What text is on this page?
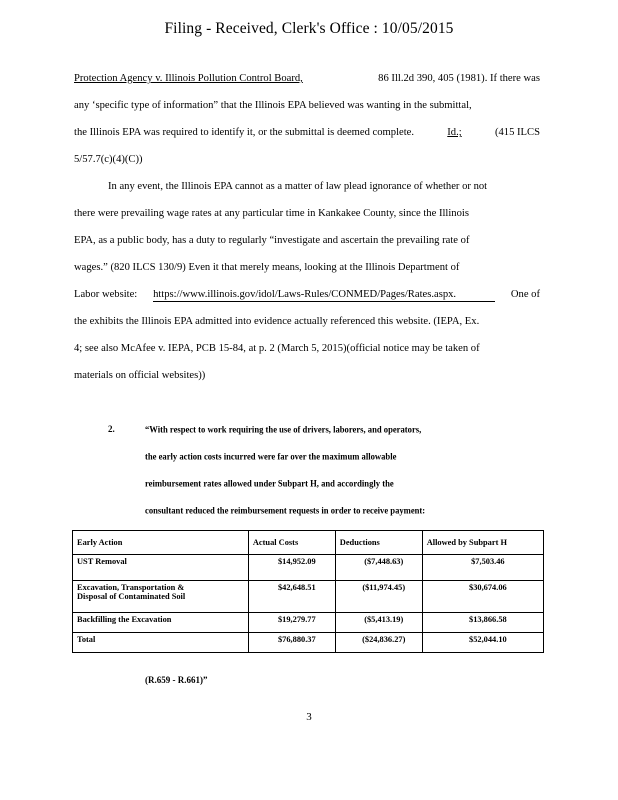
Filing - Received, Clerk's Office : 10/05/2015
Protection Agency v. Illinois Pollution Control Board,	86 Ill.2d 390, 405 (1981). If there was
any ‘specific type of information” that the Illinois EPA believed was wanting in the submittal,
the Illinois EPA was required to identify it, or the submittal is deemed complete.	Id.;	(415 ILCS
5/57.7(c)(4)(C))
In any event, the Illinois EPA cannot as a matter of law plead ignorance of whether or not
there were prevailing wage rates at any particular time in Kankakee County, since the Illinois
EPA, as a public body, has a duty to regularly “investigate and ascertain the prevailing rate of
wages.” (820 ILCS 130/9) Even it that merely means, looking at the Illinois Department of
Labor website: https://www.illinois.gov/idol/Laws-Rules/CONMED/Pages/Rates.aspx.	One of
the exhibits the Illinois EPA admitted into evidence actually referenced this website. (IEPA, Ex.
4; see also McAfee v. IEPA, PCB 15-84, at p. 2 (March 5, 2015)(official notice may be taken of
materials on official websites))
2.	“With respect to work requiring the use of drivers, laborers, and operators,
the early action costs incurred were far over the maximum allowable
reimbursement rates allowed under Subpart H, and accordingly the
consultant reduced the reimbursement requests in order to receive payment:
Early Action	Actual Costs	Deductions	Allowed by Subpart H
UST Removal	$14,952.09	($7,448.63)	$7,503.46

Excavation, Transportation &
Disposal of Contaminated Soil	$42,648.51	($11,974.45)	$30,674.06

Backfilling the Excavation	$19,279.77	($5,413.19)	$13,866.58

Total	$76,880.37	($24,836.27)	$52,044.10
(R.659 - R.661)”
3
